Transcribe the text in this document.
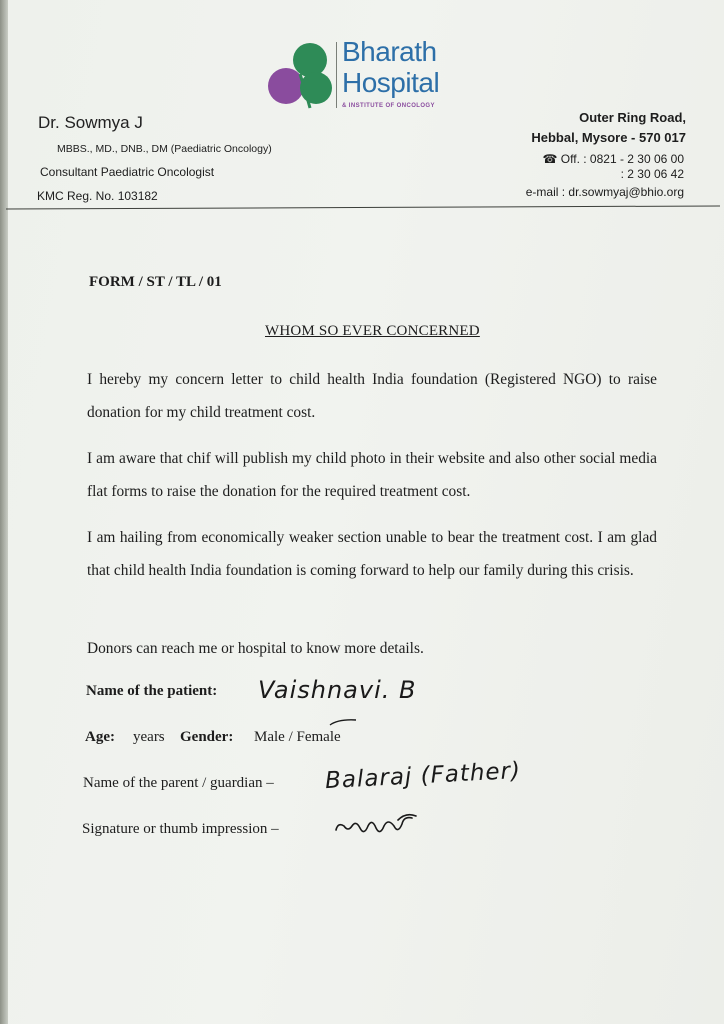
Bharath
Hospital
& INSTITUTE OF ONCOLOGY
Dr. Sowmya J
MBBS., MD., DNB., DM (Paediatric Oncology)
Consultant Paediatric Oncologist
KMC Reg. No. 103182
Outer Ring Road,
Hebbal, Mysore - 570 017
☎ Off. : 0821 - 2 30 06 00
: 2 30 06 42
e-mail : dr.sowmyaj@bhio.org
FORM / ST / TL / 01
WHOM SO EVER CONCERNED
I hereby my concern letter to child health India foundation (Registered NGO) to raise donation for my child treatment cost.
I am aware that chif will publish my child photo in their website and also other social media flat forms to raise the donation for the required treatment cost.
I am hailing from economically weaker section unable to bear the treatment cost. I am glad that child health India foundation is coming forward to help our family during this crisis.
Donors can reach me or hospital to know more details.
Name of the patient: Vaishnavi. B
Age: years Gender: Male / Female
Name of the parent / guardian – Balaraj (Father)
Signature or thumb impression –
